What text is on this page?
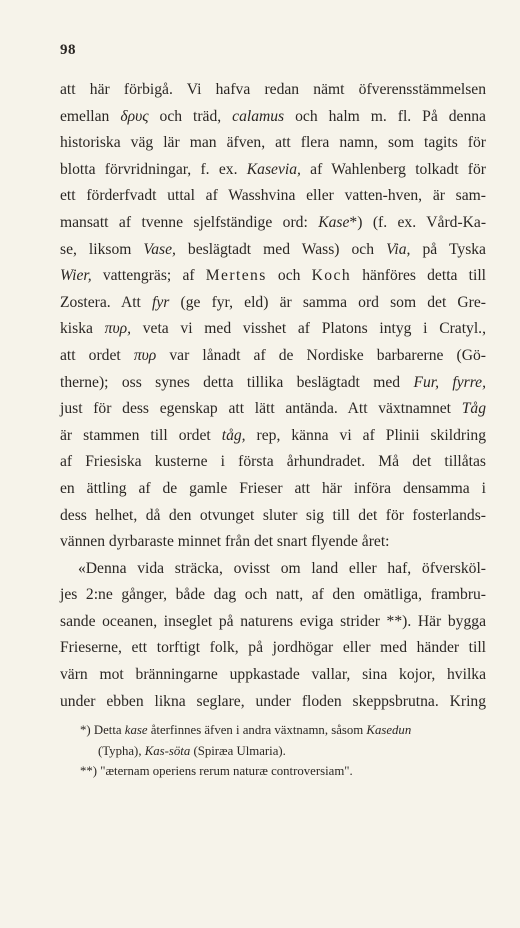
98
att här förbigå. Vi hafva redan nämt öfverensstämmelsen
emellan δρυς och träd, calamus och halm m. fl. På denna
historiska väg lär man äfven, att flera namn, som tagits för
blotta förvridningar, f. ex. Kasevia, af Wahlenberg tolkadt för
ett förderfvadt uttal af Wasshvina eller vatten-hven, är sam-
mansatt af tvenne sjelfständige ord: Kase*) (f. ex. Vård-Ka-
se, liksom Vase, beslägtadt med Wass) och Via, på Tyska
Wier, vattengräs; af Mertens och Koch hänföres detta till
Zostera. Att fyr (ge fyr, eld) är samma ord som det Gre-
kiska πυρ, veta vi med visshet af Platons intyg i Cratyl.,
att ordet πυρ var lånadt af de Nordiske barbarerne (Gö-
therne); oss synes detta tillika beslägtadt med Fur, fyrre,
just för dess egenskap att lätt antända. Att växtnamnet Tåg
är stammen till ordet tåg, rep, känna vi af Plinii skildring
af Friesiska kusterne i första århundradet. Må det tillåtas
en ättling af de gamle Frieser att här införa densamma i
dess helhet, då den otvunget sluter sig till det för fosterlands-
vännen dyrbaraste minnet från det snart flyende året:
«Denna vida sträcka, ovisst om land eller haf, öfversköl-
jes 2:ne gånger, både dag och natt, af den omätliga, frambru-
sande oceanen, inseglet på naturens eviga strider **). Här bygga
Frieserne, ett torftigt folk, på jordhögar eller med händer till
värn mot bränningarne uppkastade vallar, sina kojor, hvilka
under ebben likna seglare, under floden skeppsbrutna. Kring
*) Detta kase återfinnes äfven i andra växtnamn, såsom Kasedun
(Typha), Kas-söta (Spiræa Ulmaria).
**) "æternam operiens rerum naturæ controversiam".
